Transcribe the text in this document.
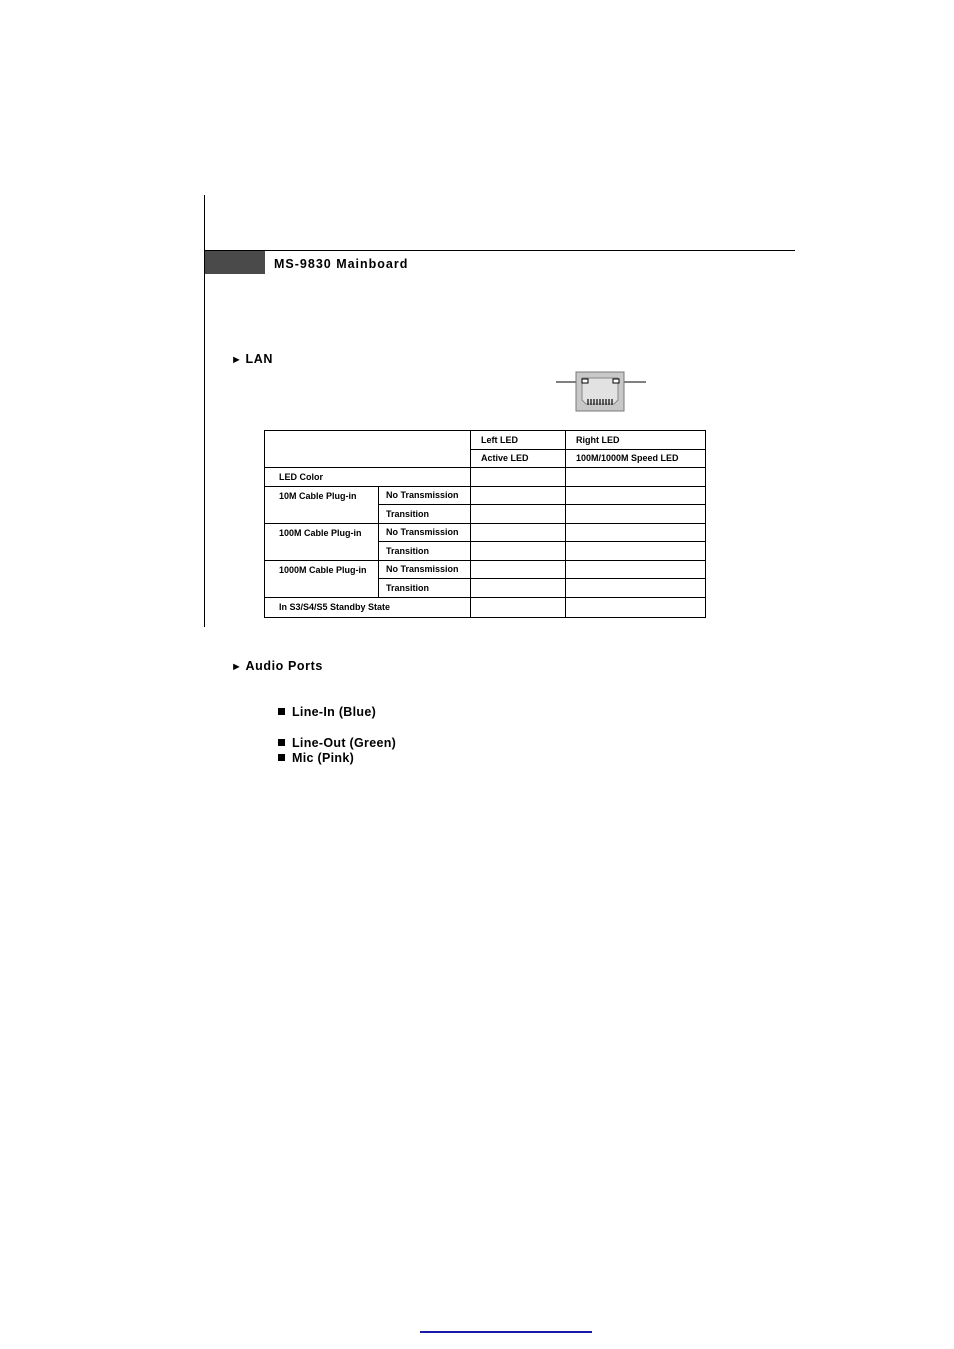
MS-9830 Mainboard
► LAN
		Left LED	Right LED
		Active LED	100M/1000M Speed LED
LED Color			
10M Cable Plug-in	No Transmission		
	Transition		
100M Cable Plug-in	No Transmission		
	Transition		
1000M Cable Plug-in	No Transmission		
	Transition		
In S3/S4/S5 Standby State			
► Audio Ports
Line-In (Blue)
Line-Out (Green)
Mic (Pink)
